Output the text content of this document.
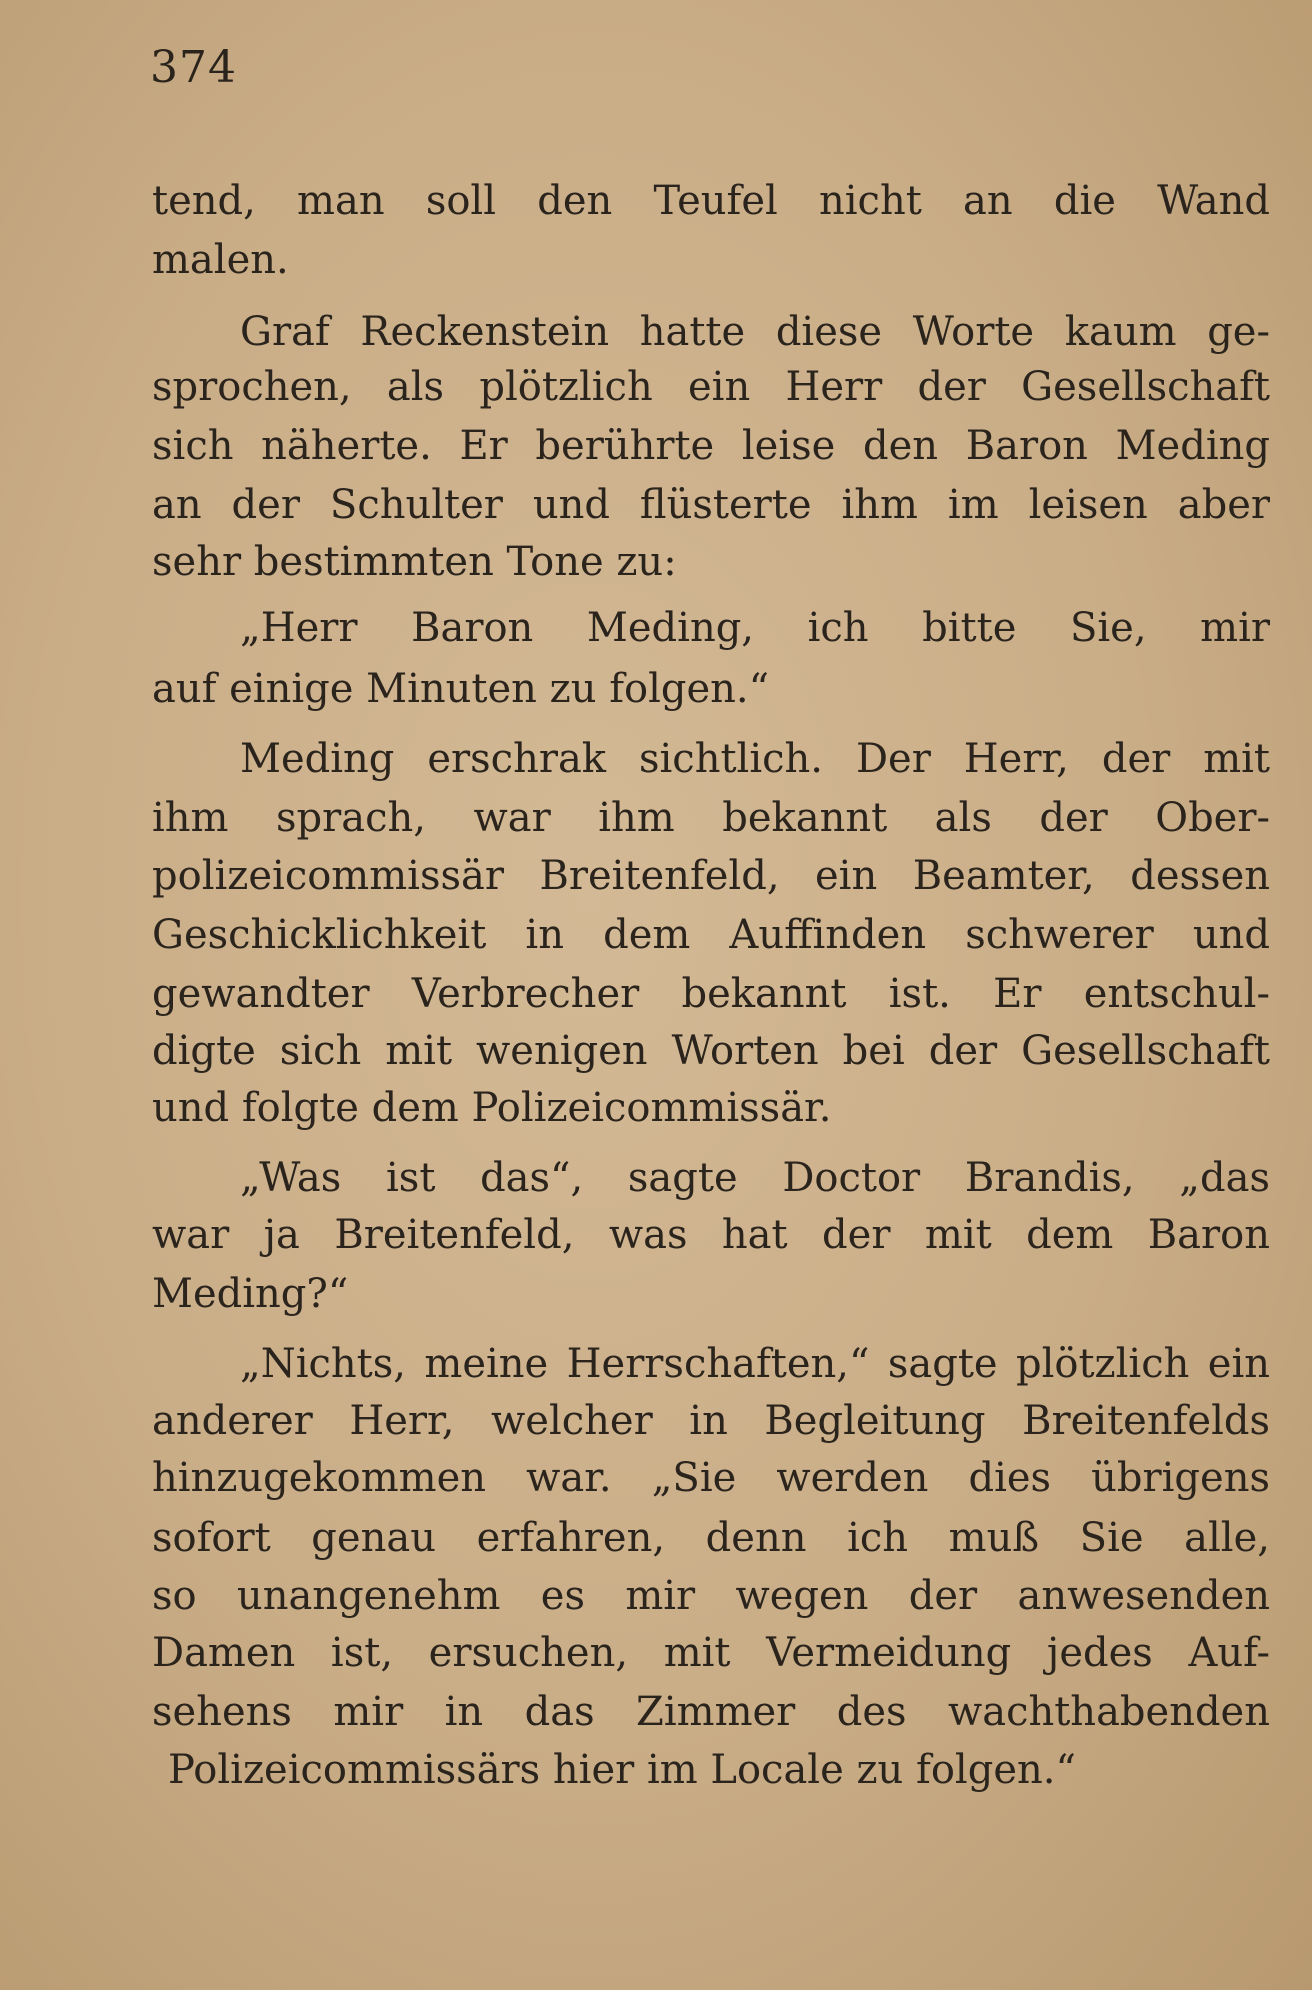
374
tend, man soll den Teufel nicht an die Wand
malen.
Graf Reckenstein hatte diese Worte kaum ge-
sprochen, als plötzlich ein Herr der Gesellschaft
sich näherte. Er berührte leise den Baron Meding
an der Schulter und flüsterte ihm im leisen aber
sehr bestimmten Tone zu:
„Herr Baron Meding, ich bitte Sie, mir
auf einige Minuten zu folgen.“
Meding erschrak sichtlich. Der Herr, der mit
ihm sprach, war ihm bekannt als der Ober-
polizeicommissär Breitenfeld, ein Beamter, dessen
Geschicklichkeit in dem Auffinden schwerer und
gewandter Verbrecher bekannt ist. Er entschul-
digte sich mit wenigen Worten bei der Gesellschaft
und folgte dem Polizeicommissär.
„Was ist das“, sagte Doctor Brandis, „das
war ja Breitenfeld, was hat der mit dem Baron
Meding?“
„Nichts, meine Herrschaften,“ sagte plötzlich ein
anderer Herr, welcher in Begleitung Breitenfelds
hinzugekommen war. „Sie werden dies übrigens
sofort genau erfahren, denn ich muß Sie alle,
so unangenehm es mir wegen der anwesenden
Damen ist, ersuchen, mit Vermeidung jedes Auf-
sehens mir in das Zimmer des wachthabenden
Polizeicommissärs hier im Locale zu folgen.“
